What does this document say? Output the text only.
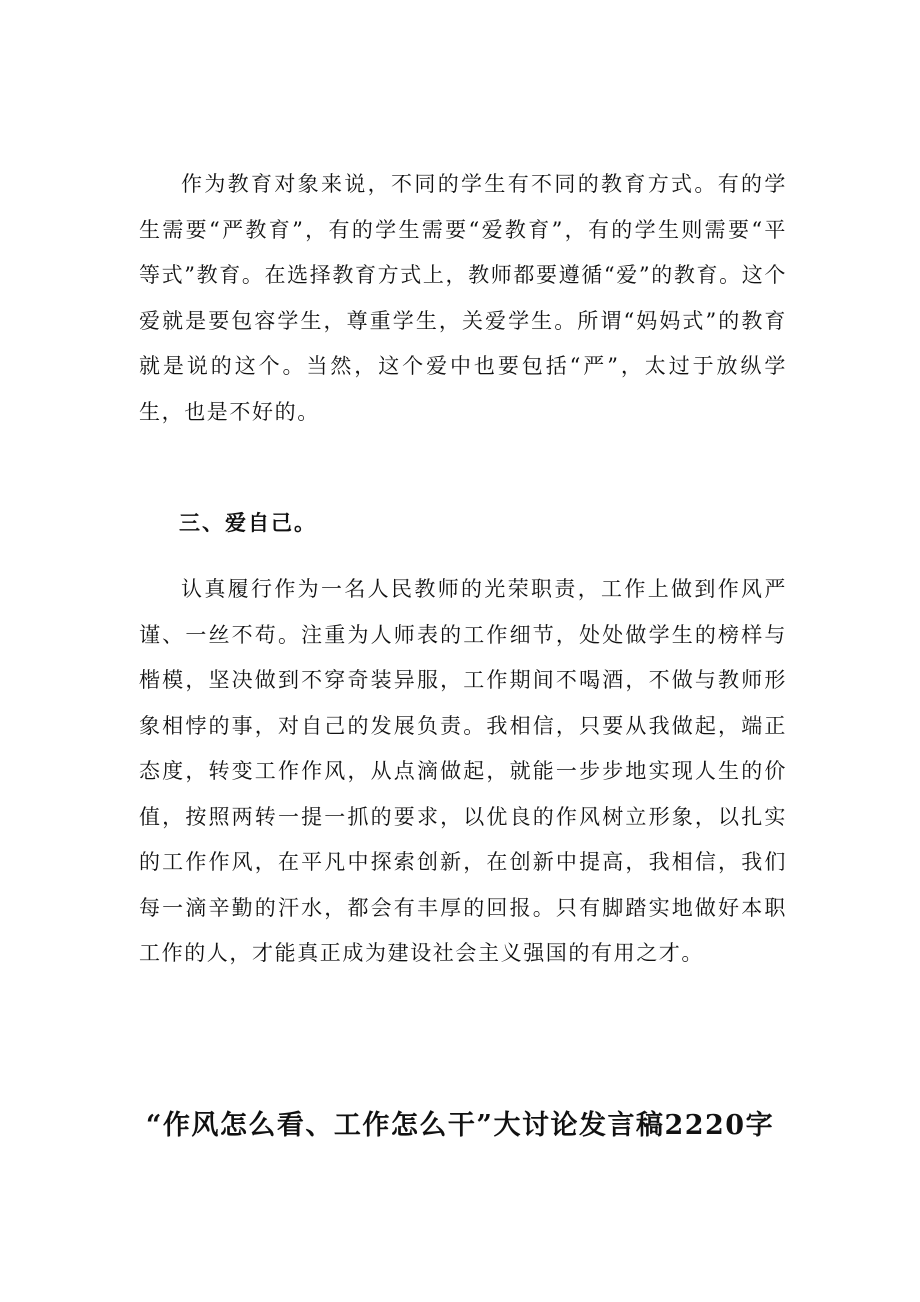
作为教育对象来说，不同的学生有不同的教育方式。有的学生需要“严教育”，有的学生需要“爱教育”，有的学生则需要“平等式”教育。在选择教育方式上，教师都要遵循“爱”的教育。这个爱就是要包容学生，尊重学生，关爱学生。所谓“妈妈式”的教育就是说的这个。当然，这个爱中也要包括“严”，太过于放纵学生，也是不好的。

三、爱自己。

认真履行作为一名人民教师的光荣职责，工作上做到作风严谨、一丝不苟。注重为人师表的工作细节，处处做学生的榜样与楷模，坚决做到不穿奇装异服，工作期间不喝酒，不做与教师形象相悖的事，对自己的发展负责。我相信，只要从我做起，端正态度，转变工作作风，从点滴做起，就能一步步地实现人生的价值，按照两转一提一抓的要求，以优良的作风树立形象，以扎实的工作作风，在平凡中探索创新，在创新中提高，我相信，我们每一滴辛勤的汗水，都会有丰厚的回报。只有脚踏实地做好本职工作的人，才能真正成为建设社会主义强国的有用之才。

“作风怎么看、工作怎么干”大讨论发言稿2220字
